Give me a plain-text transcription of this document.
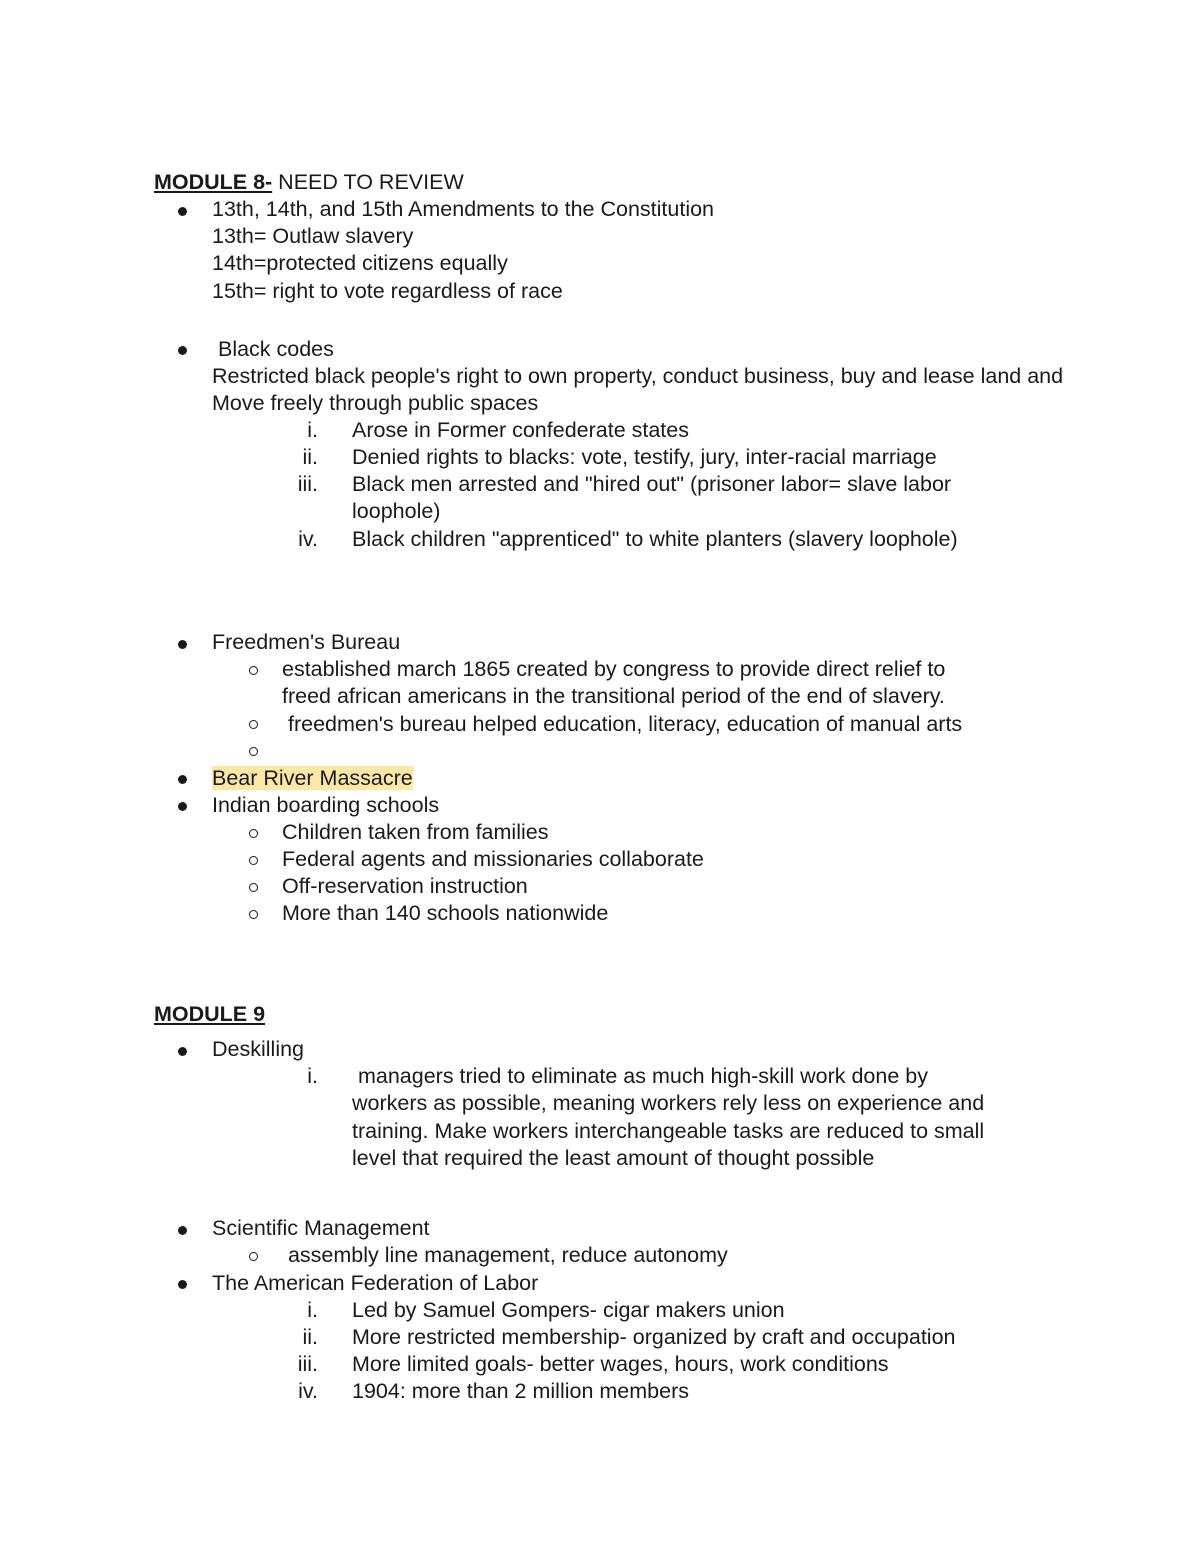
MODULE 8- NEED TO REVIEW

13th, 14th, and 15th Amendments to the Constitution
13th= Outlaw slavery
14th=protected citizens equally
15th= right to vote regardless of race
Black codes
Restricted black people's right to own property, conduct business, buy and lease land and
Move freely through public spaces
i. Arose in Former confederate states
ii. Denied rights to blacks: vote, testify, jury, inter-racial marriage
iii. Black men arrested and "hired out" (prisoner labor= slave labor
loophole)
iv. Black children "apprenticed" to white planters (slavery loophole)
Freedmen's Bureau
established march 1865 created by congress to provide direct relief to
freed african americans in the transitional period of the end of slavery.
freedmen's bureau helped education, literacy, education of manual arts
Bear River Massacre
Indian boarding schools
Children taken from families
Federal agents and missionaries collaborate
Off-reservation instruction
More than 140 schools nationwide

MODULE 9

Deskilling
i. managers tried to eliminate as much high-skill work done by
workers as possible, meaning workers rely less on experience and
training. Make workers interchangeable tasks are reduced to small
level that required the least amount of thought possible
Scientific Management
assembly line management, reduce autonomy
The American Federation of Labor
i. Led by Samuel Gompers- cigar makers union
ii. More restricted membership- organized by craft and occupation
iii. More limited goals- better wages, hours, work conditions
iv. 1904: more than 2 million members
